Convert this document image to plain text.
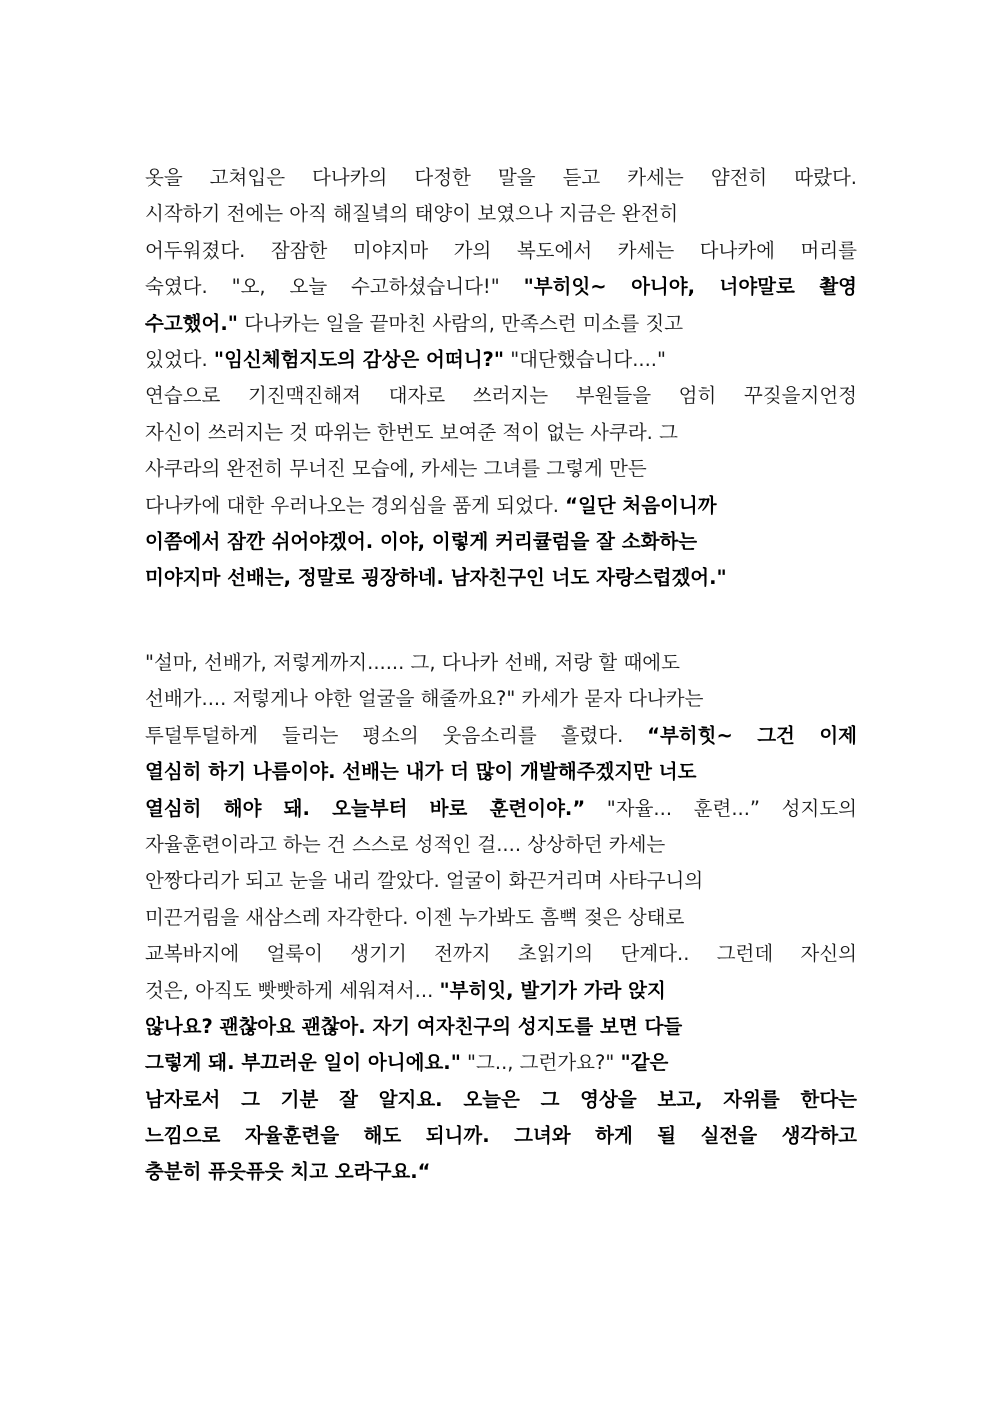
옷을 고쳐입은 다나카의 다정한 말을 듣고 카세는 얌전히 따랐다.
시작하기 전에는 아직 해질녘의 태양이 보였으나 지금은 완전히
어두워졌다. 잠잠한 미야지마 가의 복도에서 카세는 다나카에 머리를
숙였다. "오, 오늘 수고하셨습니다!" "부히잇~ 아니야, 너야말로 촬영
수고했어." 다나카는 일을 끝마친 사람의, 만족스런 미소를 짓고
있었다. "임신체험지도의 감상은 어떠니?" "대단했습니다...."
연습으로 기진맥진해져 대자로 쓰러지는 부원들을 엄히 꾸짖을지언정
자신이 쓰러지는 것 따위는 한번도 보여준 적이 없는 사쿠라. 그
사쿠라의 완전히 무너진 모습에, 카세는 그녀를 그렇게 만든
다나카에 대한 우러나오는 경외심을 품게 되었다. “일단 처음이니까
이쯤에서 잠깐 쉬어야겠어. 이야, 이렇게 커리큘럼을 잘 소화하는
미야지마 선배는, 정말로 굉장하네. 남자친구인 너도 자랑스럽겠어."
"설마, 선배가, 저렇게까지...... 그, 다나카 선배, 저랑 할 때에도
선배가.... 저렇게나 야한 얼굴을 해줄까요?" 카세가 묻자 다나카는
투덜투덜하게 들리는 평소의 웃음소리를 흘렸다. “부히힛~ 그건 이제
열심히 하기 나름이야. 선배는 내가 더 많이 개발해주겠지만 너도
열심히 해야 돼. 오늘부터 바로 훈련이야.” "자율... 훈련...” 성지도의
자율훈련이라고 하는 건 스스로 성적인 걸.... 상상하던 카세는
안짱다리가 되고 눈을 내리 깔았다. 얼굴이 화끈거리며 사타구니의
미끈거림을 새삼스레 자각한다. 이젠 누가봐도 흠뻑 젖은 상태로
교복바지에 얼룩이 생기기 전까지 초읽기의 단계다.. 그런데 자신의
것은, 아직도 빳빳하게 세워져서... "부히잇, 발기가 가라 앉지
않나요? 괜찮아요 괜찮아. 자기 여자친구의 성지도를 보면 다들
그렇게 돼. 부끄러운 일이 아니에요." "그.., 그런가요?" "같은
남자로서 그 기분 잘 알지요. 오늘은 그 영상을 보고, 자위를 한다는
느낌으로 자율훈련을 해도 되니까. 그녀와 하게 될 실전을 생각하고
충분히 퓨읏퓨읏 치고 오라구요.“
